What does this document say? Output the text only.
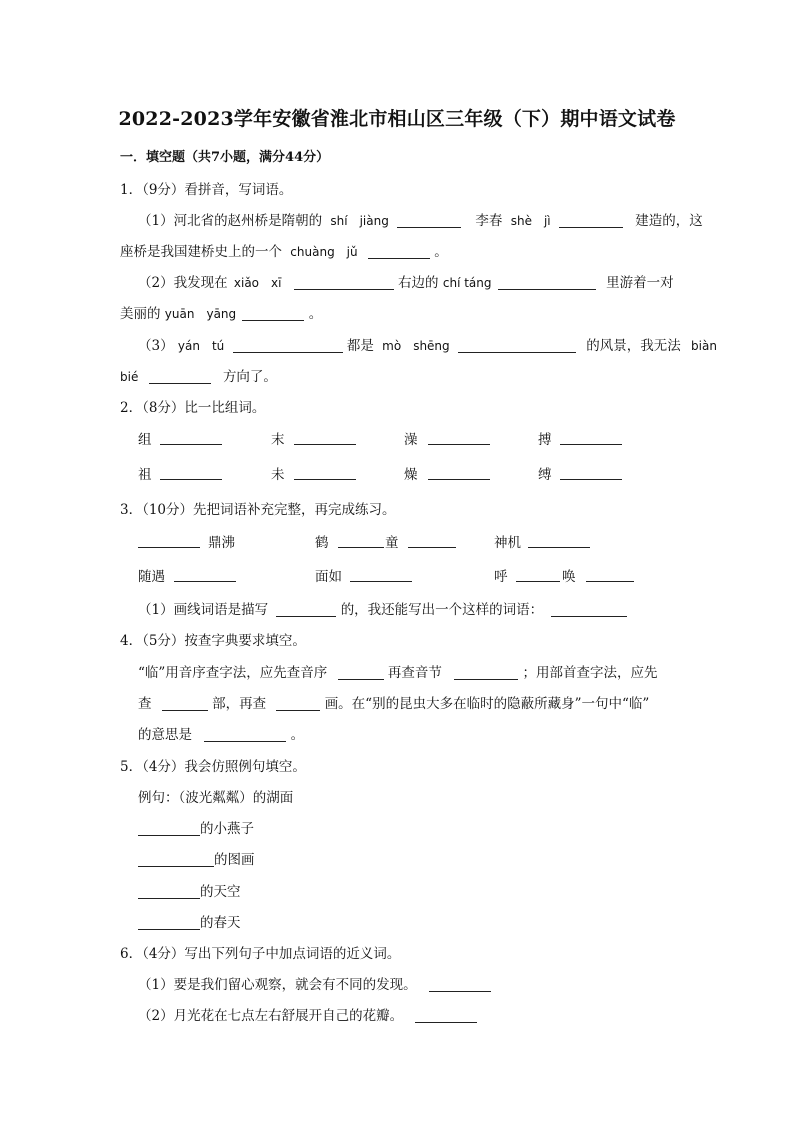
2022-2023学年安徽省淮北市相山区三年级（下）期中语文试卷
一．填空题（共7小题，满分44分）
1．（9分）看拼音，写词语。
（1）河北省的赵州桥是隋朝的 shí　jiàng	李春 shè　jì	建造的，这
座桥是我国建桥史上的一个 chuàng　jǔ	。
（2）我发现在 xiǎo　xī	右边的 chí táng	里游着一对
美丽的 yuān　yāng	。
（3） yán　tú	都是 mò　shēng	的风景，我无法 biàn
bié	方向了。
2．（8分）比一比组词。
组	末	澡	搏
祖	未	燥	缚
3．（10分）先把词语补充完整，再完成练习。
鼎沸	鹤	童	神机
随遇	面如	呼	唤
（1）画线词语是描写	的，我还能写出一个这样的词语：
4．（5分）按查字典要求填空。
“临”用音序查字法，应先查音序	再查音节	；用部首查字法，应先
查	部，再查	画。在“别的昆虫大多在临时的隐蔽所藏身”一句中“临”
的意思是	。
5．（4分）我会仿照例句填空。
例句：（波光粼粼）的湖面
的小燕子
的图画
的天空
的春天
6．（4分）写出下列句子中加点词语的近义词。
（1）要是我们留心观察，就会有不同的发现。
（2）月光花在七点左右舒展开自己的花瓣。
